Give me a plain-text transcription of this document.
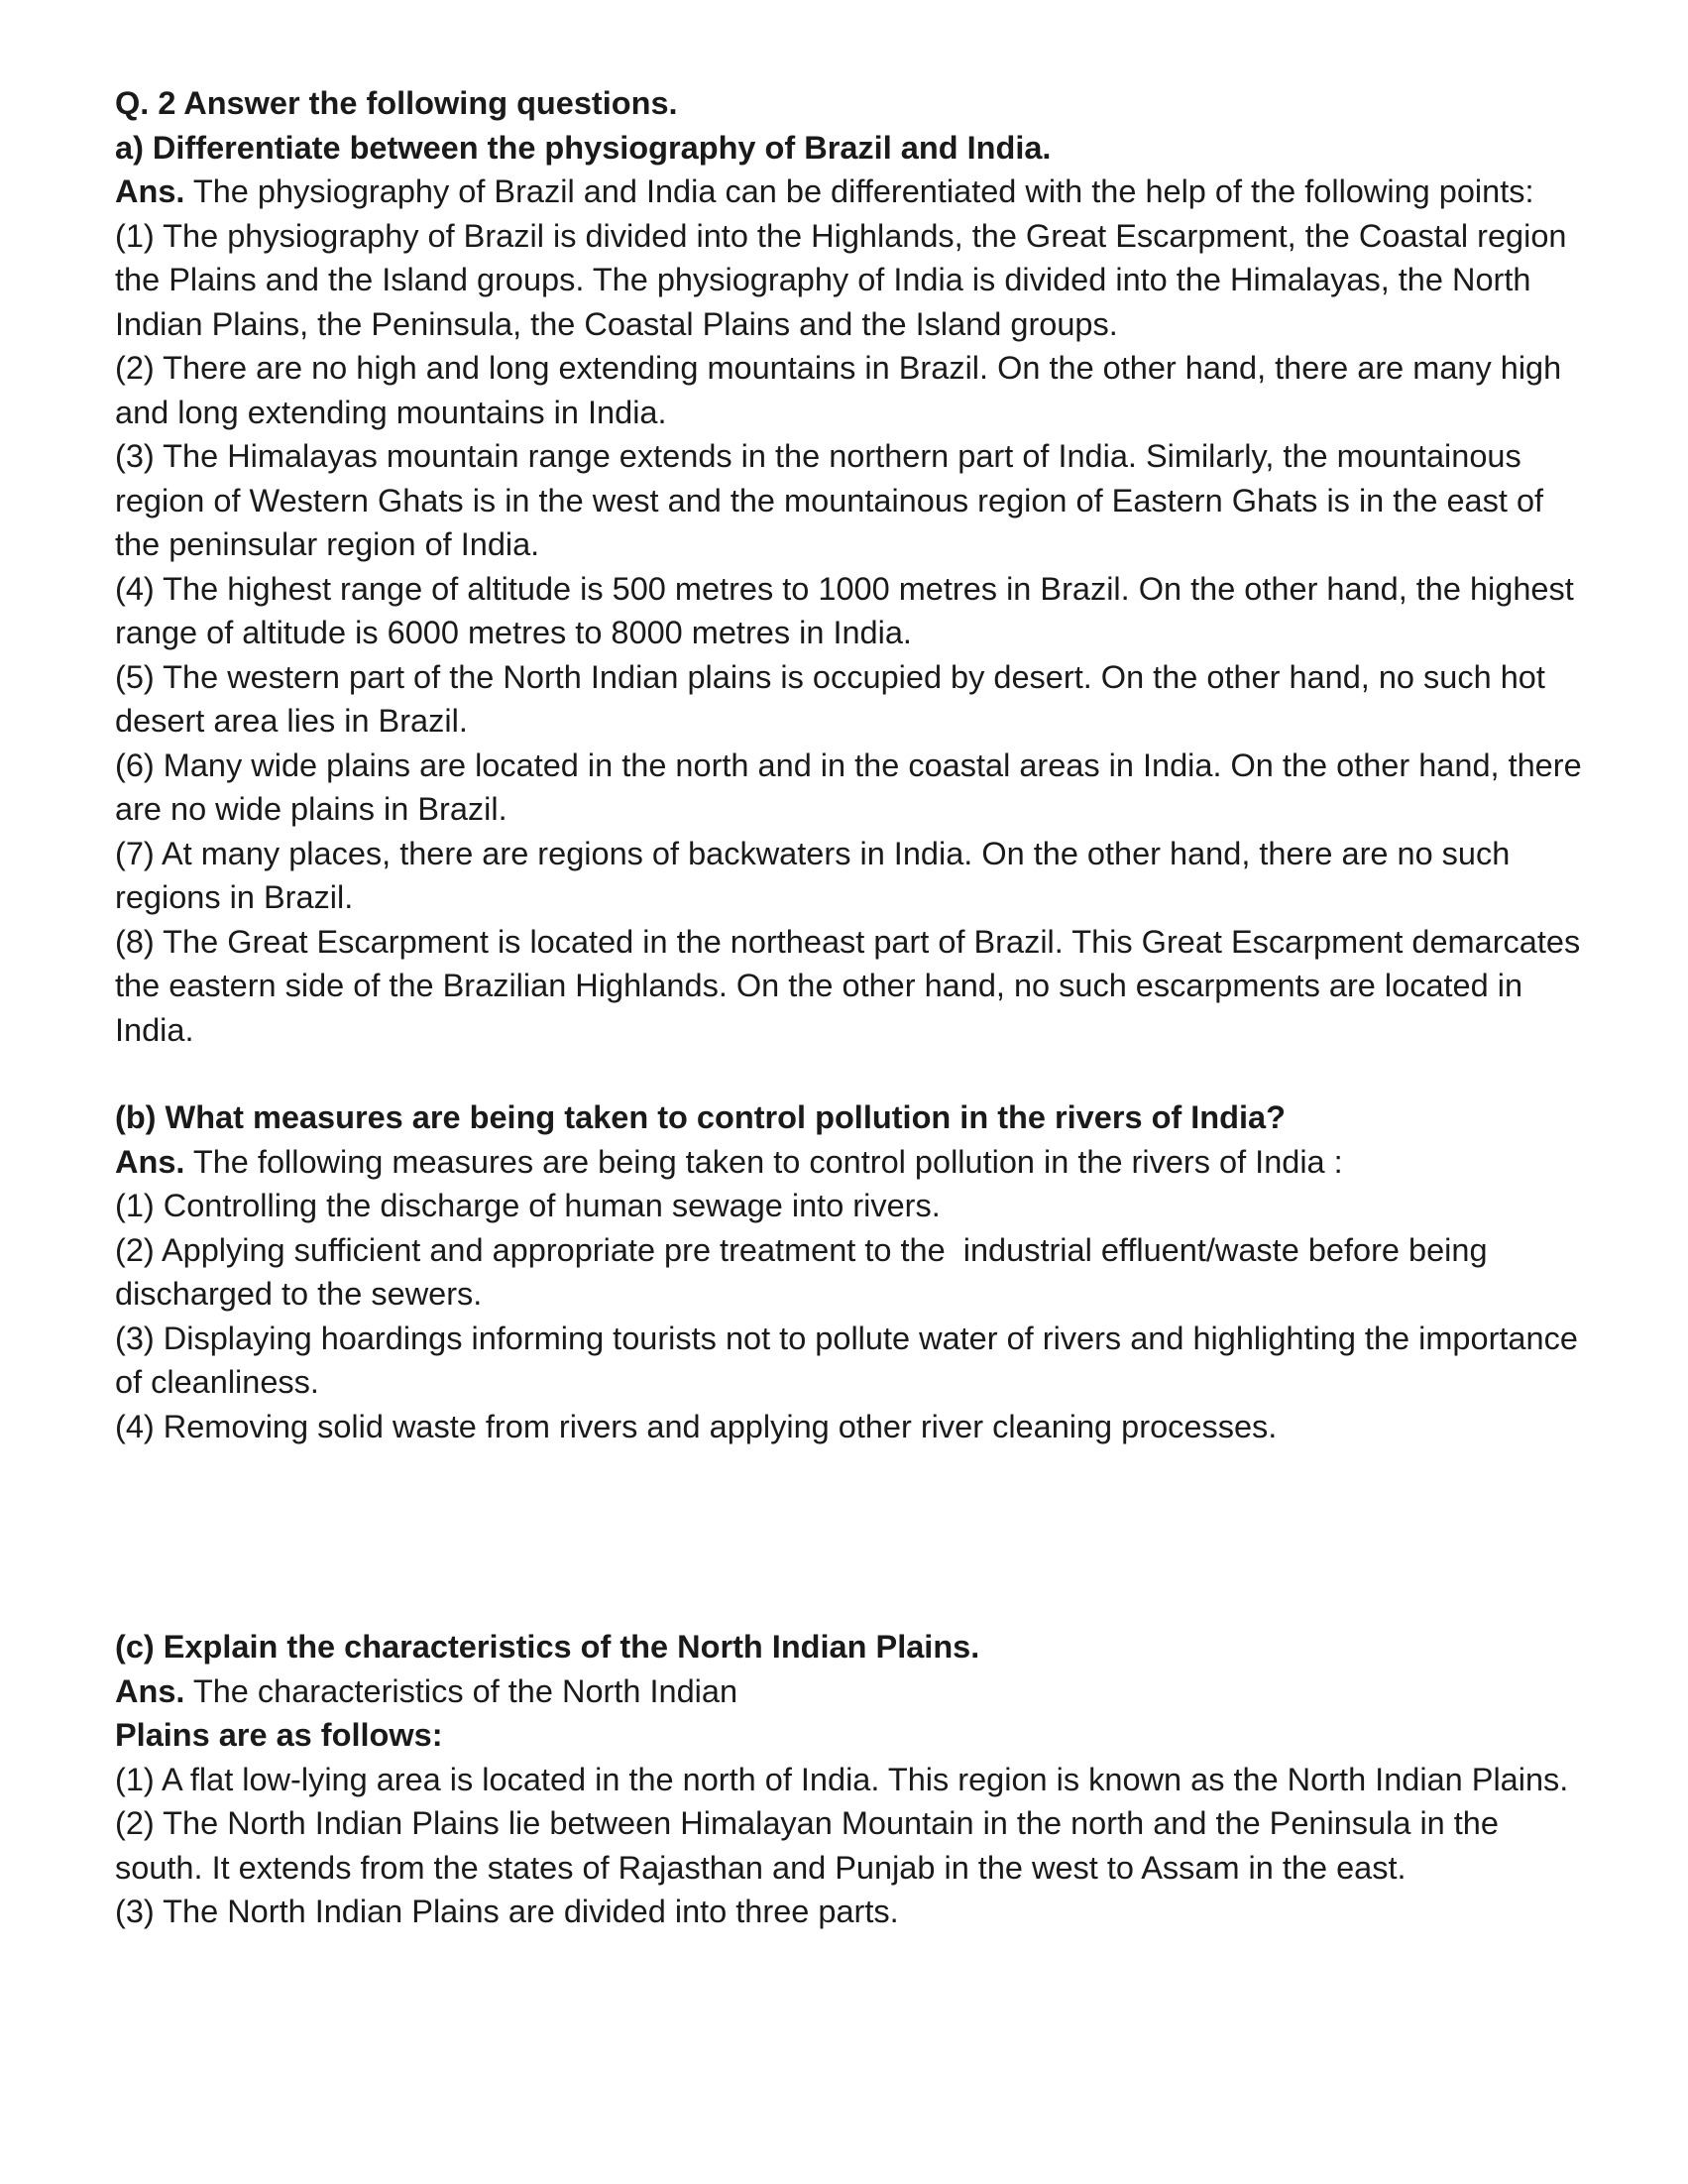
Q. 2 Answer the following questions.

a) Differentiate between the physiography of Brazil and India.

Ans. The physiography of Brazil and India can be differentiated with the help of the following points:

(1) The physiography of Brazil is divided into the Highlands, the Great Escarpment, the Coastal region the Plains and the Island groups. The physiography of India is divided into the Himalayas, the North Indian Plains, the Peninsula, the Coastal Plains and the Island groups.

(2) There are no high and long extending mountains in Brazil. On the other hand, there are many high and long extending mountains in India.

(3) The Himalayas mountain range extends in the northern part of India. Similarly, the mountainous region of Western Ghats is in the west and the mountainous region of Eastern Ghats is in the east of the peninsular region of India.

(4) The highest range of altitude is 500 metres to 1000 metres in Brazil. On the other hand, the highest range of altitude is 6000 metres to 8000 metres in India.

(5) The western part of the North Indian plains is occupied by desert. On the other hand, no such hot desert area lies in Brazil.

(6) Many wide plains are located in the north and in the coastal areas in India. On the other hand, there are no wide plains in Brazil.

(7) At many places, there are regions of backwaters in India. On the other hand, there are no such regions in Brazil.

(8) The Great Escarpment is located in the northeast part of Brazil. This Great Escarpment demarcates the eastern side of the Brazilian Highlands. On the other hand, no such escarpments are located in India.

(b) What measures are being taken to control pollution in the rivers of India?

Ans. The following measures are being taken to control pollution in the rivers of India :

(1) Controlling the discharge of human sewage into rivers.

(2) Applying sufficient and appropriate pre treatment to the  industrial effluent/waste before being discharged to the sewers.

(3) Displaying hoardings informing tourists not to pollute water of rivers and highlighting the importance of cleanliness.

(4) Removing solid waste from rivers and applying other river cleaning processes.

(c) Explain the characteristics of the North Indian Plains.

Ans. The characteristics of the North Indian

Plains are as follows:

(1) A flat low-lying area is located in the north of India. This region is known as the North Indian Plains.

(2) The North Indian Plains lie between Himalayan Mountain in the north and the Peninsula in the south. It extends from the states of Rajasthan and Punjab in the west to Assam in the east.

(3) The North Indian Plains are divided into three parts.
